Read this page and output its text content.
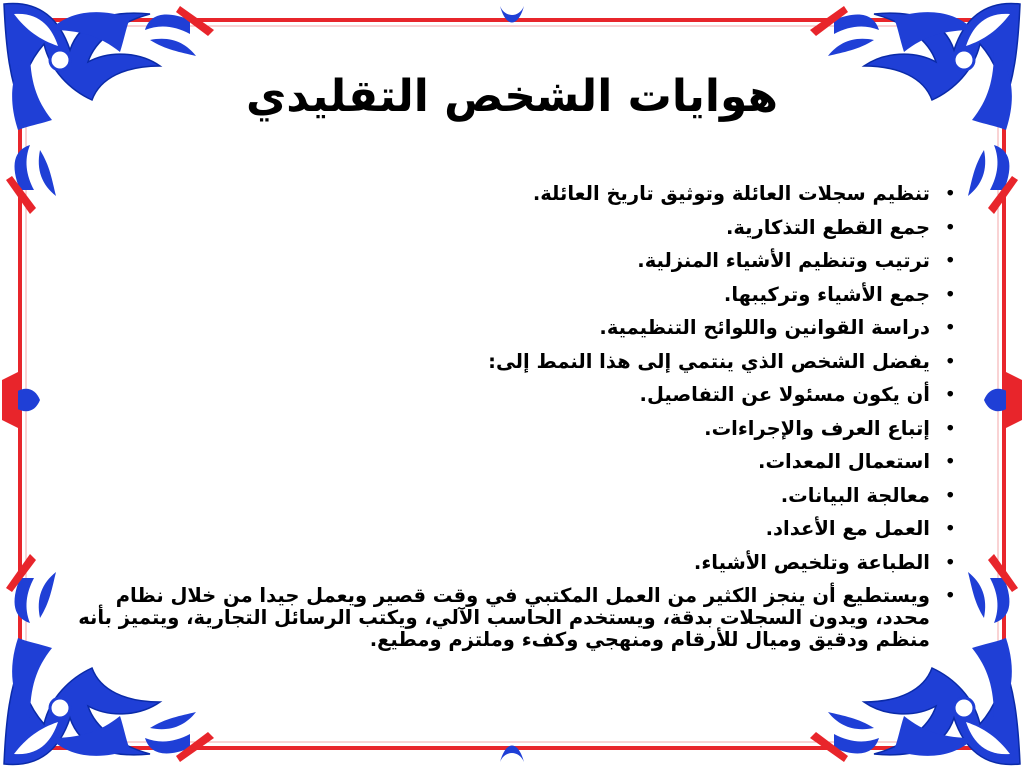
هوايات الشخص التقليدي
• تنظيم سجلات العائلة وتوثيق تاريخ العائلة.
• جمع القطع التذكارية.
• ترتيب وتنظيم الأشياء المنزلية.
• جمع الأشياء وتركيبها.
• دراسة القوانين واللوائح التنظيمية.
• يفضل الشخص الذي ينتمي إلى هذا النمط إلى:
• أن يكون مسئولا عن التفاصيل.
• إتباع العرف والإجراءات.
• استعمال المعدات.
• معالجة البيانات.
• العمل مع الأعداد.
• الطباعة وتلخيص الأشياء.
• ويستطيع أن ينجز الكثير من العمل المكتبي في وقت قصير ويعمل جيدا من خلال نظام محدد، ويدون السجلات بدقة، ويستخدم الحاسب الآلي، ويكتب الرسائل التجارية، ويتميز بأنه منظم ودقيق وميال للأرقام ومنهجي وكفء وملتزم ومطيع.
